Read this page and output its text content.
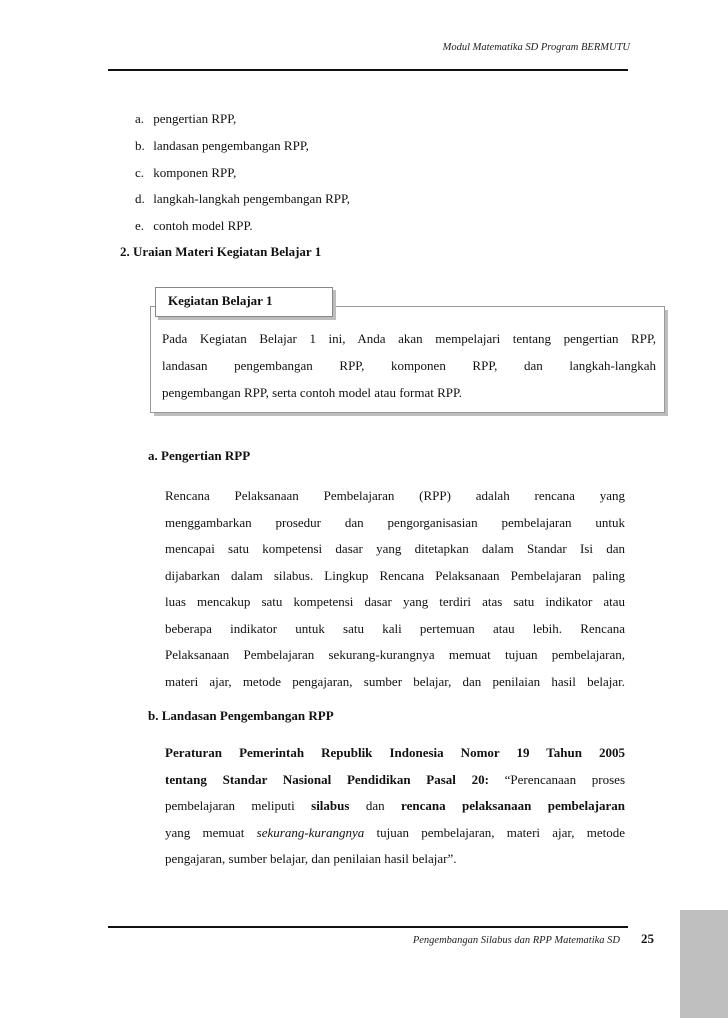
Modul Matematika SD Program BERMUTU
a. pengertian RPP,
b. landasan pengembangan RPP,
c. komponen RPP,
d. langkah-langkah pengembangan RPP,
e. contoh model RPP.
2. Uraian Materi Kegiatan Belajar 1
Kegiatan Belajar 1
Pada Kegiatan Belajar 1 ini, Anda akan mempelajari tentang pengertian RPP,
landasan pengembangan RPP, komponen RPP, dan langkah-langkah
pengembangan RPP, serta contoh model atau format RPP.
a. Pengertian RPP
Rencana Pelaksanaan Pembelajaran (RPP) adalah rencana yang
menggambarkan prosedur dan pengorganisasian pembelajaran untuk
mencapai satu kompetensi dasar yang ditetapkan dalam Standar Isi dan
dijabarkan dalam silabus. Lingkup Rencana Pelaksanaan Pembelajaran paling
luas mencakup satu kompetensi dasar yang terdiri atas satu indikator atau
beberapa indikator untuk satu kali pertemuan atau lebih. Rencana
Pelaksanaan Pembelajaran sekurang-kurangnya memuat tujuan pembelajaran,
materi ajar, metode pengajaran, sumber belajar, dan penilaian hasil belajar.
b. Landasan Pengembangan RPP
Peraturan Pemerintah Republik Indonesia Nomor 19 Tahun 2005
tentang Standar Nasional Pendidikan Pasal 20: “Perencanaan proses
pembelajaran meliputi silabus dan rencana pelaksanaan pembelajaran
yang memuat sekurang-kurangnya tujuan pembelajaran, materi ajar, metode
pengajaran, sumber belajar, dan penilaian hasil belajar”.
Pengembangan Silabus dan RPP Matematika SD 25
